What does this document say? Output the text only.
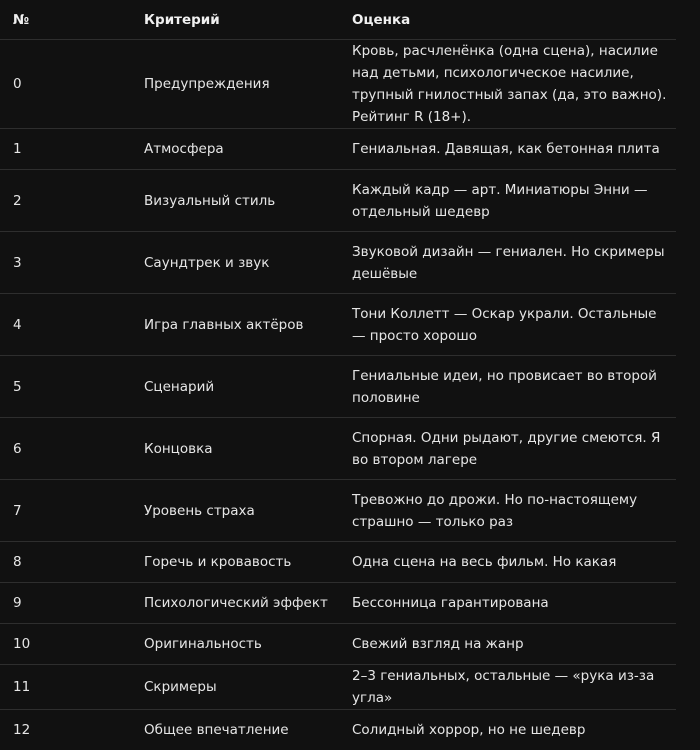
№	Критерий	Оценка
0	Предупреждения	Кровь, расчленёнка (одна сцена), насилие над детьми, психологическое насилие, трупный гнилостный запах (да, это важно). Рейтинг R (18+).
1	Атмосфера	Гениальная. Давящая, как бетонная плита
2	Визуальный стиль	Каждый кадр — арт. Миниатюры Энни — отдельный шедевр
3	Саундтрек и звук	Звуковой дизайн — гениален. Но скримеры дешёвые
4	Игра главных актёров	Тони Коллетт — Оскар украли. Остальные — просто хорошо
5	Сценарий	Гениальные идеи, но провисает во второй половине
6	Концовка	Спорная. Одни рыдают, другие смеются. Я во втором лагере
7	Уровень страха	Тревожно до дрожи. Но по-настоящему страшно — только раз
8	Горечь и кровавость	Одна сцена на весь фильм. Но какая
9	Психологический эффект	Бессонница гарантирована
10	Оригинальность	Свежий взгляд на жанр
11	Скримеры	2–3 гениальных, остальные — «рука из-за угла»
12	Общее впечатление	Солидный хоррор, но не шедевр
